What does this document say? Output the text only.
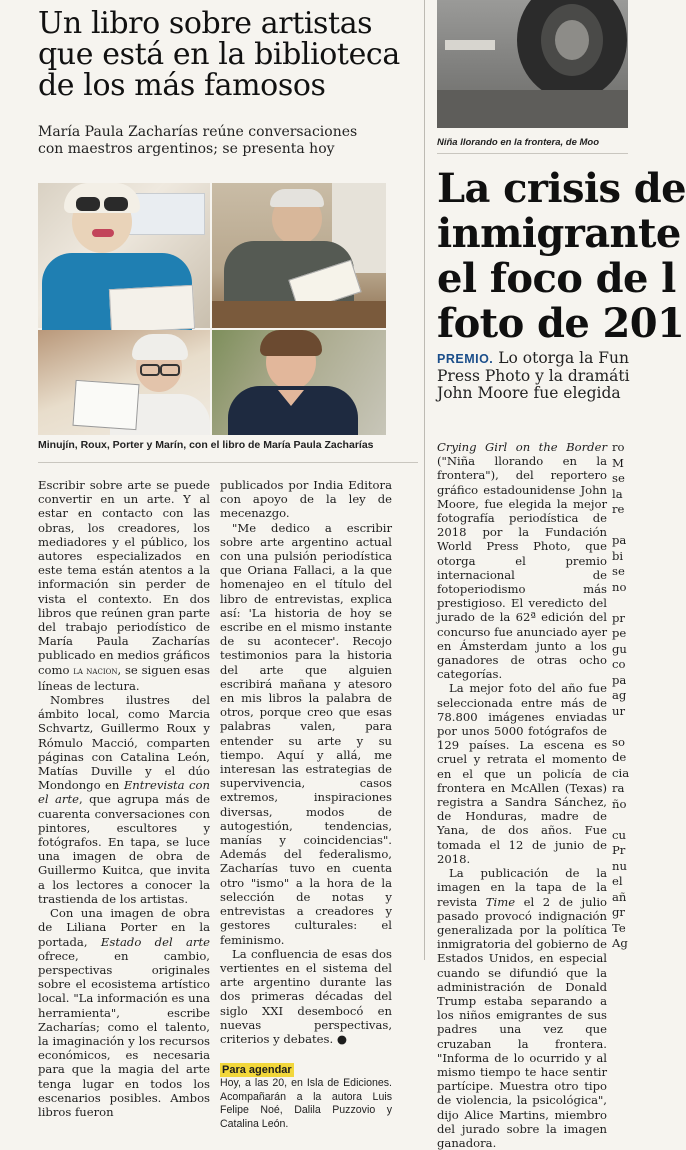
Un libro sobre artistas
que está en la biblioteca
de los más famosos
María Paula Zacharías reúne conversaciones
con maestros argentinos; se presenta hoy
Minujín, Roux, Porter y Marín, con el libro de María Paula Zacharías

Escribir sobre arte se puede convertir en un arte. Y al estar en contacto con las obras, los creadores, los mediadores y el público, los autores especializados en este tema están atentos a la información sin perder de vista el contexto. En dos libros que reúnen gran parte del trabajo periodístico de María Paula Zacharías publicado en medios gráficos como la nacion, se siguen esas líneas de lectura.

Nombres ilustres del ámbito local, como Marcia Schvartz, Guillermo Roux y Rómulo Macció, comparten páginas con Catalina León, Matías Duville y el dúo Mondongo en Entrevista con el arte, que agrupa más de cuarenta conversaciones con pintores, escultores y fotógrafos. En tapa, se luce una imagen de obra de Guillermo Kuitca, que invita a los lectores a conocer la trastienda de los artistas.

Con una imagen de obra de Liliana Porter en la portada, Estado del arte ofrece, en cambio, perspectivas originales sobre el ecosistema artístico local. "La información es una herramienta", escribe Zacharías; como el talento, la imaginación y los recursos económicos, es necesaria para que la magia del arte tenga lugar en todos los escenarios posibles. Ambos libros fueron

publicados por India Editora con apoyo de la ley de mecenazgo.

"Me dedico a escribir sobre arte argentino actual con una pulsión periodística que Oriana Fallaci, a la que homenajeo en el título del libro de entrevistas, explica así: 'La historia de hoy se escribe en el mismo instante de su acontecer'. Recojo testimonios para la historia del arte que alguien escribirá mañana y atesoro en mis libros la palabra de otros, porque creo que esas palabras valen, para entender su arte y su tiempo. Aquí y allá, me interesan las estrategias de supervivencia, casos extremos, inspiraciones diversas, modos de autogestión, tendencias, manías y coincidencias". Además del federalismo, Zacharías tuvo en cuenta otro "ismo" a la hora de la selección de notas y entrevistas a creadores y gestores culturales: el feminismo.

La confluencia de esas dos vertientes en el sistema del arte argentino durante las dos primeras décadas del siglo XXI desembocó en nuevas perspectivas, criterios y debates. ●

Para agendar
Hoy, a las 20, en Isla de Ediciones. Acompañarán a la autora Luis Felipe Noé, Dalila Puzzovio y Catalina León.
Niña llorando en la frontera, de Moo
La crisis de
inmigrante
el foco de l
foto de 201
PREMIO. Lo otorga la Fun
Press Photo y la dramáti
John Moore fue elegida

Crying Girl on the Border ("Niña llorando en la frontera"), del reportero gráfico estadounidense John Moore, fue elegida la mejor fotografía periodística de 2018 por la Fundación World Press Photo, que otorga el premio internacional de fotoperiodismo más prestigioso. El veredicto del jurado de la 62ª edición del concurso fue anunciado ayer en Ámsterdam junto a los ganadores de otras ocho categorías.

La mejor foto del año fue seleccionada entre más de 78.800 imágenes enviadas por unos 5000 fotógrafos de 129 países. La escena es cruel y retrata el momento en el que un policía de frontera en McAllen (Texas) registra a Sandra Sánchez, de Honduras, madre de Yana, de dos años. Fue tomada el 12 de junio de 2018.

La publicación de la imagen en la tapa de la revista Time el 2 de julio pasado provocó indignación generalizada por la política inmigratoria del gobierno de Estados Unidos, en especial cuando se difundió que la administración de Donald Trump estaba separando a los niños emigrantes de sus padres una vez que cruzaban la frontera. "Informa de lo ocurrido y al mismo tiempo te hace sentir partícipe. Muestra otro tipo de violencia, la psicológica", dijo Alice Martins, miembro del jurado sobre la imagen ganadora.

ro
M
se
la
re
pa
bi
se
no
pr
pe
gu
co
pa
ag
ur
so
de
cia
ra
ño
cu
Pr
nu
el
añ
gr
Te
Ag
